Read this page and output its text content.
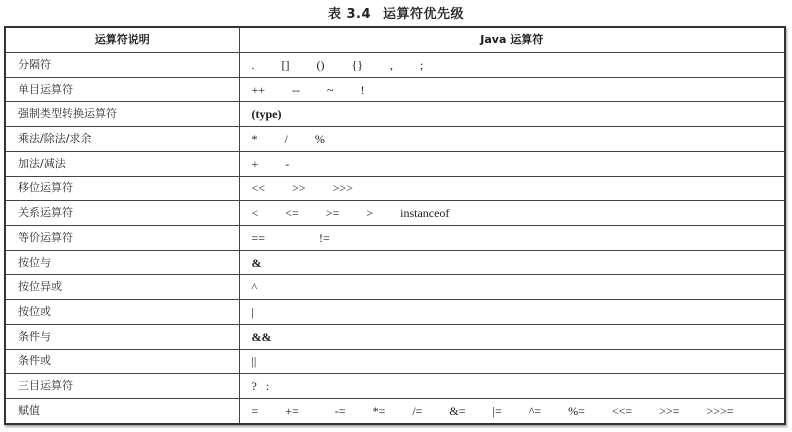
表 3.4 运算符优先级
运算符说明	Java 运算符
分隔符	.   []   ()   {}   ,   ;
单目运算符	++   --   ~   !
强制类型转换运算符	(type)
乘法/除法/求余	*   /   %
加法/减法	+   -
移位运算符	<<   >>   >>>
关系运算符	<   <=   >=   >   instanceof
等价运算符	==      !=
按位与	&
按位异或	^
按位或	|
条件与	&&
条件或	||
三目运算符	? :
赋值	=   +=    -=   *=   /=   &=   |=   ^=   %=   <<=   >>=   >>>=
